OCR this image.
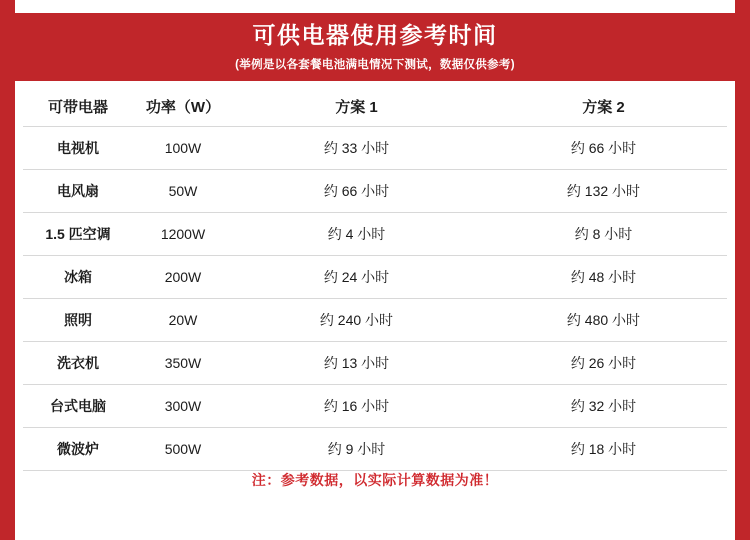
可供电器使用参考时间
(举例是以各套餐电池满电情况下测试，数据仅供参考)
可带电器	功率（W）	方案 1	方案 2
电视机	100W	约 33 小时	约 66 小时
电风扇	50W	约 66 小时	约 132 小时
1.5 匹空调	1200W	约 4 小时	约 8 小时
冰箱	200W	约 24 小时	约 48 小时
照明	20W	约 240 小时	约 480 小时
洗衣机	350W	约 13 小时	约 26 小时
台式电脑	300W	约 16 小时	约 32 小时
微波炉	500W	约 9 小时	约 18 小时
注：参考数据，以实际计算数据为准！
